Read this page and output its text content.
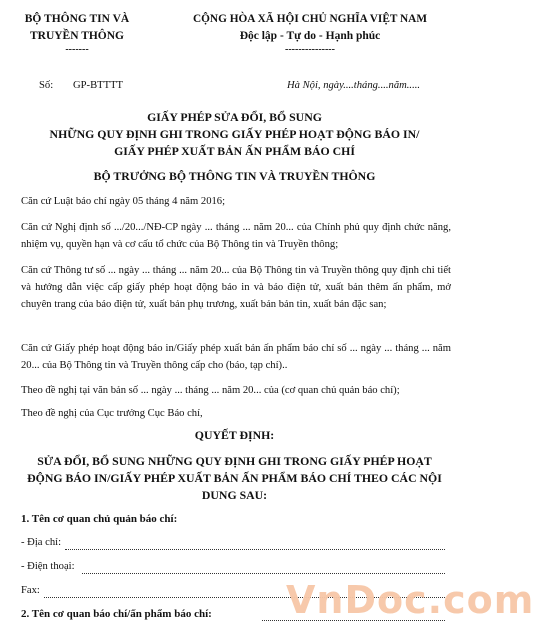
BỘ THÔNG TIN VÀ
TRUYỀN THÔNG
-------
CỘNG HÒA XÃ HỘI CHỦ NGHĨA VIỆT NAM
Độc lập - Tự do - Hạnh phúc
---------------
Số: GP-BTTTT	Hà Nội, ngày....tháng....năm.....
GIẤY PHÉP SỬA ĐỔI, BỔ SUNG
NHỮNG QUY ĐỊNH GHI TRONG GIẤY PHÉP HOẠT ĐỘNG BÁO IN/
GIẤY PHÉP XUẤT BẢN ẤN PHẨM BÁO CHÍ
BỘ TRƯỞNG BỘ THÔNG TIN VÀ TRUYỀN THÔNG
Căn cứ Luật báo chí ngày 05 tháng 4 năm 2016;
Căn cứ Nghị định số .../20.../NĐ-CP ngày ... tháng ... năm 20... của Chính phủ quy định chức năng, nhiệm vụ, quyền hạn và cơ cấu tổ chức của Bộ Thông tin và Truyền thông;
Căn cứ Thông tư số ... ngày ... tháng ... năm 20... của Bộ Thông tin và Truyền thông quy định chi tiết và hướng dẫn việc cấp giấy phép hoạt động báo in và báo điện tử, xuất bản thêm ấn phẩm, mở chuyên trang của báo điện tử, xuất bản phụ trương, xuất bản bản tin, xuất bản đặc san;
Căn cứ Giấy phép hoạt động báo in/Giấy phép xuất bản ấn phẩm báo chí số ... ngày ... tháng ... năm 20... của Bộ Thông tin và Truyền thông cấp cho (báo, tạp chí)..
Theo đề nghị tại văn bản số ... ngày ... tháng ... năm 20... của (cơ quan chủ quản báo chí);
Theo đề nghị của Cục trưởng Cục Báo chí,
QUYẾT ĐỊNH:
SỬA ĐỔI, BỔ SUNG NHỮNG QUY ĐỊNH GHI TRONG GIẤY PHÉP HOẠT
ĐỘNG BÁO IN/GIẤY PHÉP XUẤT BẢN ẤN PHẨM BÁO CHÍ THEO CÁC NỘI
DUNG SAU:
1. Tên cơ quan chủ quản báo chí:
- Địa chỉ:
- Điện thoại:
Fax:
2. Tên cơ quan báo chí/ấn phẩm báo chí: VnDoc.com
